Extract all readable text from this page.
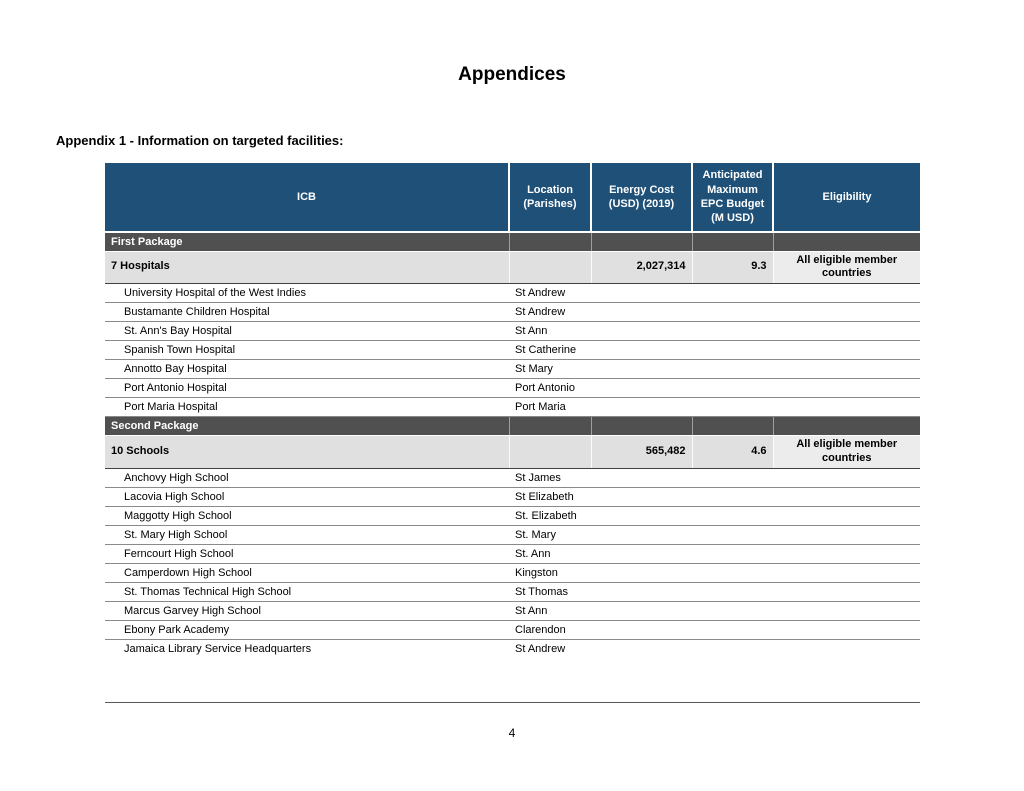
Appendices
Appendix 1 - Information on targeted facilities:
ICB	Location (Parishes)	Energy Cost (USD) (2019)	Anticipated Maximum EPC Budget (M USD)	Eligibility
First Package				
7 Hospitals		2,027,314	9.3	All eligible member countries
University Hospital of the West Indies	St Andrew			
Bustamante Children Hospital	St Andrew			
St. Ann's Bay Hospital	St Ann			
Spanish Town Hospital	St Catherine			
Annotto Bay Hospital	St Mary			
Port Antonio Hospital	Port Antonio			
Port Maria Hospital	Port Maria			
Second Package				
10 Schools		565,482	4.6	All eligible member countries
Anchovy High School	St James			
Lacovia High School	St Elizabeth			
Maggotty High School	St. Elizabeth			
St. Mary High School	St. Mary			
Ferncourt High School	St. Ann			
Camperdown High School	Kingston			
St. Thomas Technical High School	St Thomas			
Marcus Garvey High School	St Ann			
Ebony Park Academy	Clarendon			
Jamaica Library Service Headquarters	St Andrew			

4
